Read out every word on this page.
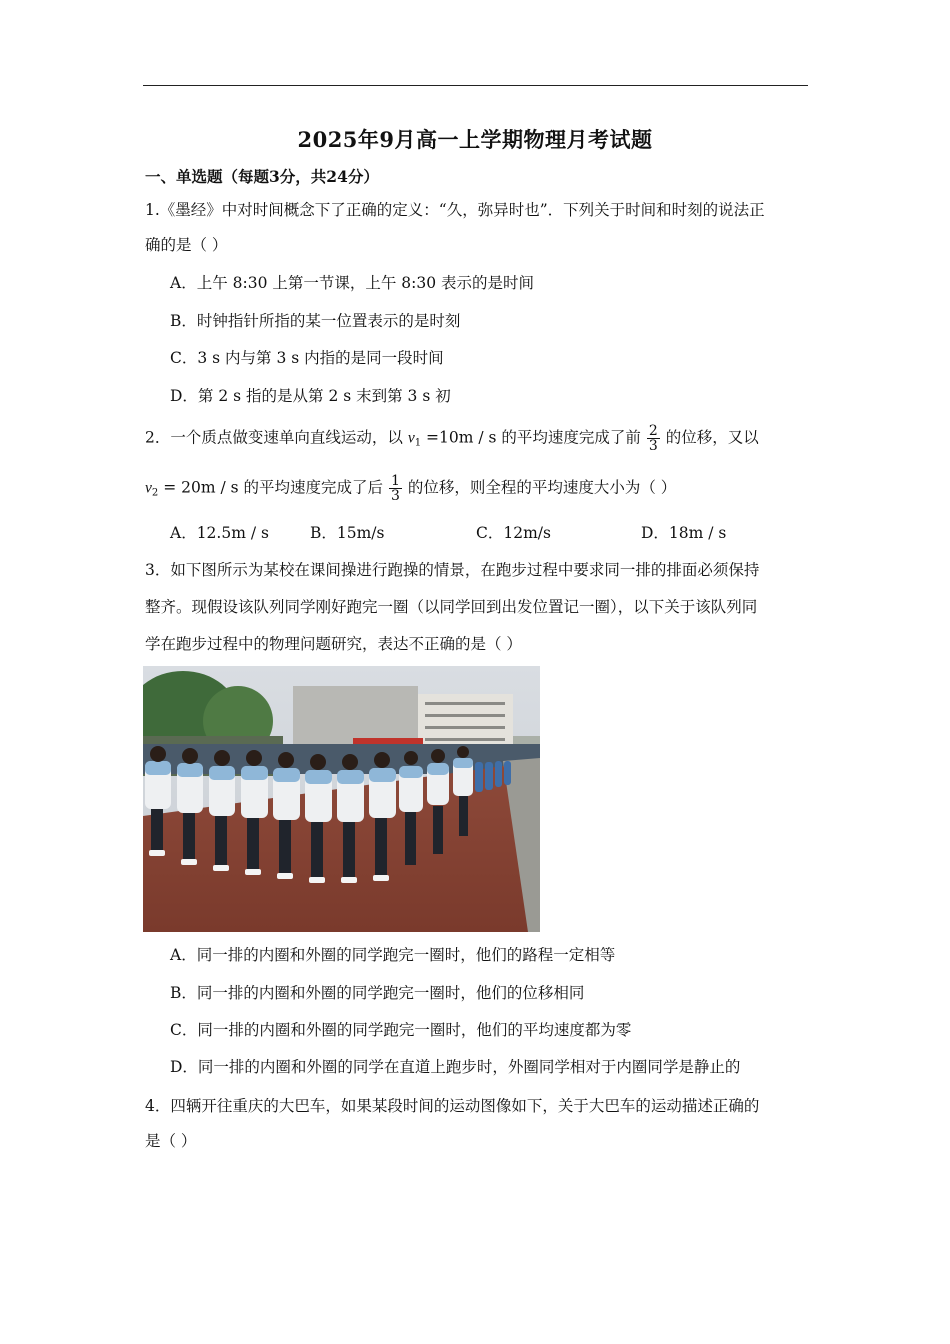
2025年9月高一上学期物理月考试题
一、单选题（每题3分，共24分）
1.《墨经》中对时间概念下了正确的定义：“久，弥异时也”．下列关于时间和时刻的说法正
确的是（ ）
A．上午 8:30 上第一节课，上午 8:30 表示的是时间
B．时钟指针所指的某一位置表示的是时刻
C．3 s 内与第 3 s 内指的是同一段时间
D．第 2 s 指的是从第 2 s 末到第 3 s 初
2．一个质点做变速单向直线运动，以 $v_1 =10m / s$ 的平均速度完成了前 $\frac{2}{3}$ 的位移，又以
$v_2 = 20m / s$ 的平均速度完成了后 $\frac{1}{3}$ 的位移，则全程的平均速度大小为（ ）
A．12.5m / s	B．15m/s	C．12m/s	D．18m / s
3．如下图所示为某校在课间操进行跑操的情景，在跑步过程中要求同一排的排面必须保持
整齐。现假设该队列同学刚好跑完一圈（以同学回到出发位置记一圈），以下关于该队列同
学在跑步过程中的物理问题研究，表达不正确的是（ ）
A．同一排的内圈和外圈的同学跑完一圈时，他们的路程一定相等
B．同一排的内圈和外圈的同学跑完一圈时，他们的位移相同
C．同一排的内圈和外圈的同学跑完一圈时，他们的平均速度都为零
D．同一排的内圈和外圈的同学在直道上跑步时，外圈同学相对于内圈同学是静止的
4．四辆开往重庆的大巴车，如果某段时间的运动图像如下，关于大巴车的运动描述正确的
是（ ）
